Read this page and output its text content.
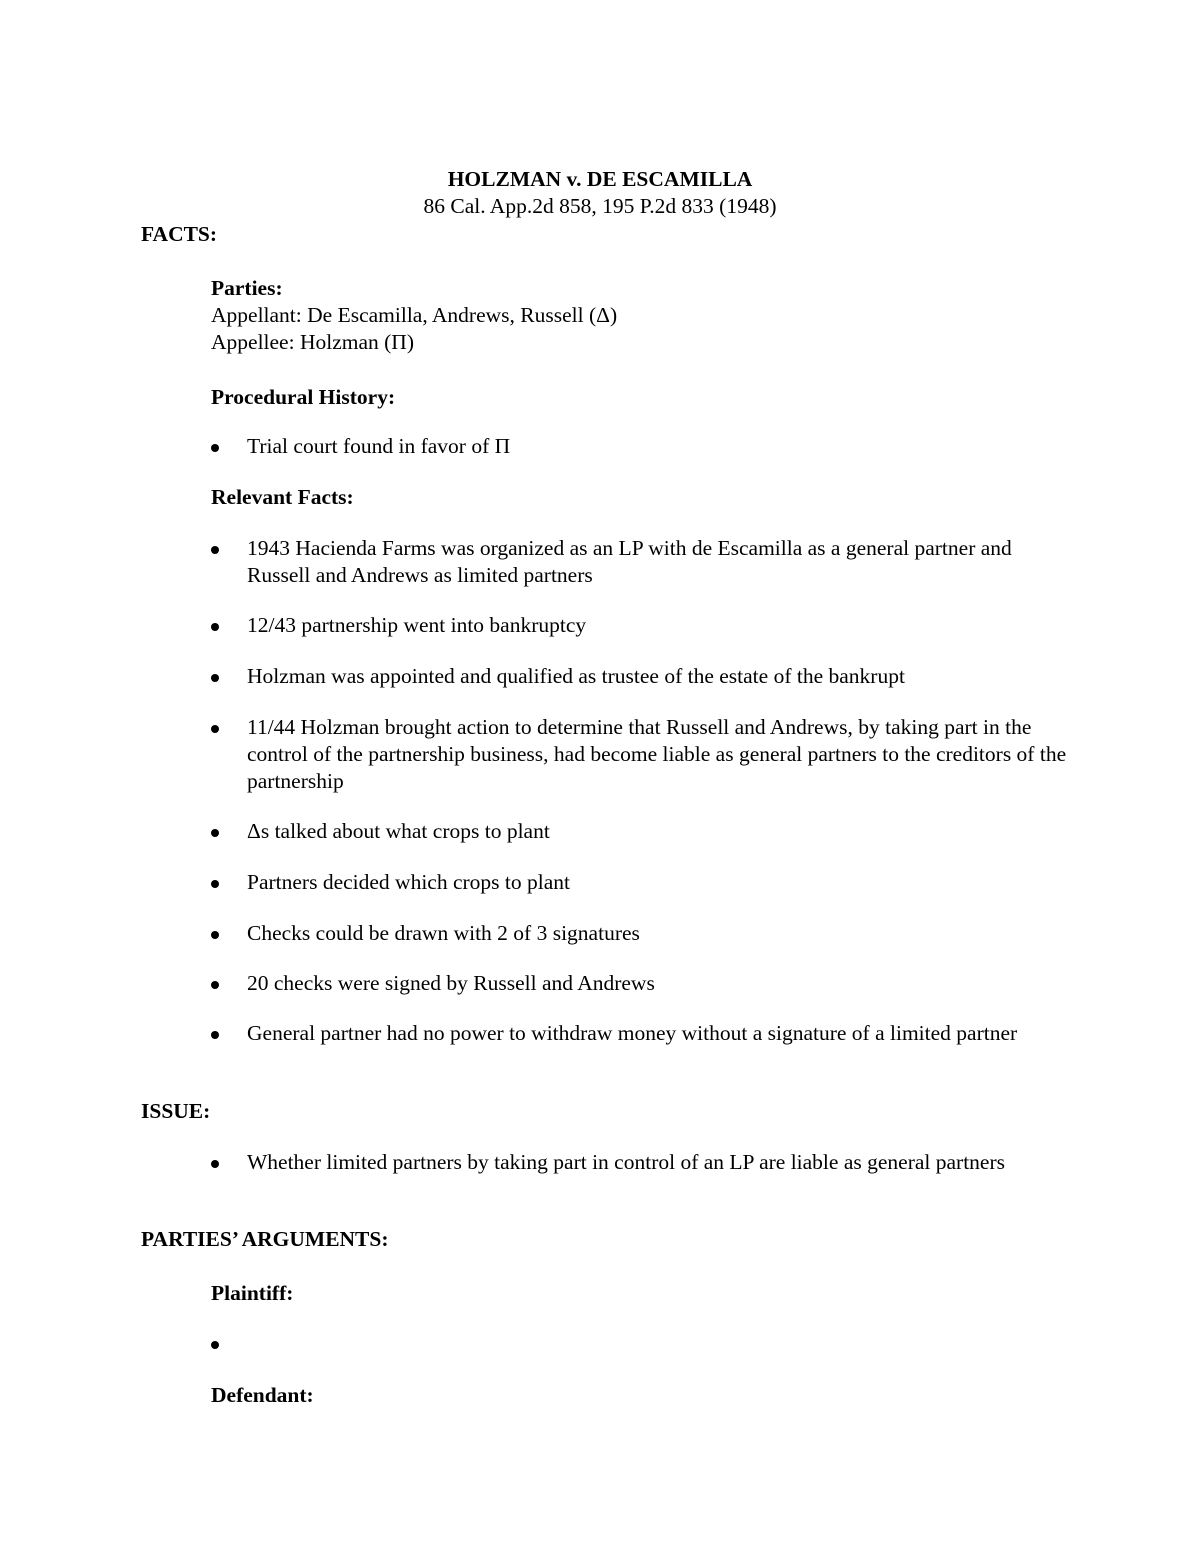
HOLZMAN v. DE ESCAMILLA
86 Cal. App.2d 858, 195 P.2d 833 (1948)
FACTS:
Parties:
Appellant: De Escamilla, Andrews, Russell (Δ)
Appellee: Holzman (Π)
Procedural History:
Trial court found in favor of Π
Relevant Facts:
1943 Hacienda Farms was organized as an LP with de Escamilla as a general partner and Russell and Andrews as limited partners
12/43 partnership went into bankruptcy
Holzman was appointed and qualified as trustee of the estate of the bankrupt
11/44 Holzman brought action to determine that Russell and Andrews, by taking part in the control of the partnership business, had become liable as general partners to the creditors of the partnership
Δs talked about what crops to plant
Partners decided which crops to plant
Checks could be drawn with 2 of 3 signatures
20 checks were signed by Russell and Andrews
General partner had no power to withdraw money without a signature of a limited partner
ISSUE:
Whether limited partners by taking part in control of an LP are liable as general partners
PARTIES’ ARGUMENTS:
Plaintiff:
Defendant:
